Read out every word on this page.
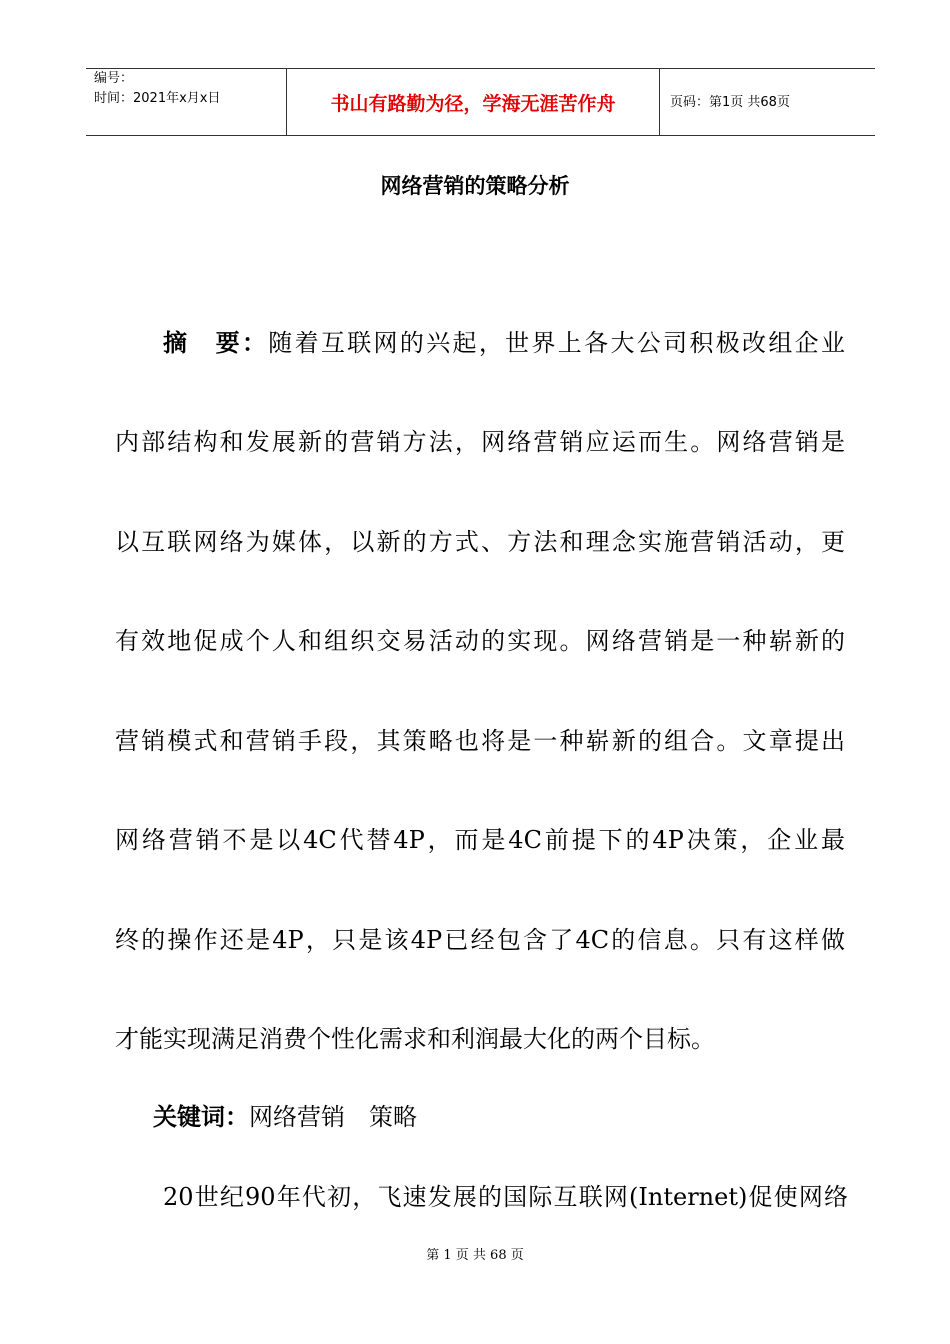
编号：
时间：2021年x月x日	书山有路勤为径，学海无涯苦作舟	页码：第1页 共68页
网络营销的策略分析
摘　要：随着互联网的兴起，世界上各大公司积极改组企业
内部结构和发展新的营销方法，网络营销应运而生。网络营销是
以互联网络为媒体，以新的方式、方法和理念实施营销活动，更
有效地促成个人和组织交易活动的实现。网络营销是一种崭新的
营销模式和营销手段，其策略也将是一种崭新的组合。文章提出
网络营销不是以4C代替4P，而是4C前提下的4P决策，企业最
终的操作还是4P，只是该4P已经包含了4C的信息。只有这样做
才能实现满足消费个性化需求和利润最大化的两个目标。
关键词：网络营销　策略
20世纪90年代初，飞速发展的国际互联网(Internet)促使网络
第 1 页 共 68 页
